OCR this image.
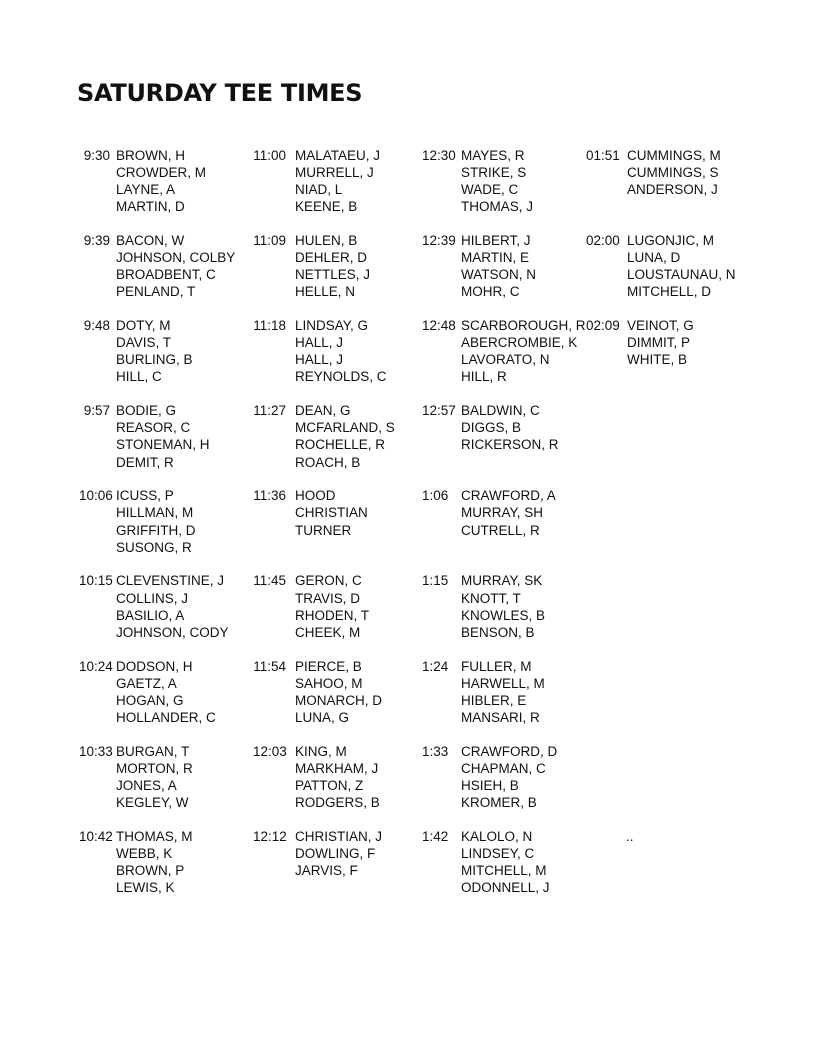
SATURDAY TEE TIMES
9:30 BROWN, H
CROWDER, M
LAYNE, A
MARTIN, D
9:39 BACON, W
JOHNSON, COLBY
BROADBENT, C
PENLAND, T
9:48 DOTY, M
DAVIS, T
BURLING, B
HILL, C
9:57 BODIE, G
REASOR, C
STONEMAN, H
DEMIT, R
10:06 ICUSS, P
HILLMAN, M
GRIFFITH, D
SUSONG, R
10:15 CLEVENSTINE, J
COLLINS, J
BASILIO, A
JOHNSON, CODY
10:24 DODSON, H
GAETZ, A
HOGAN, G
HOLLANDER, C
10:33 BURGAN, T
MORTON, R
JONES, A
KEGLEY, W
10:42 THOMAS, M
WEBB, K
BROWN, P
LEWIS, K
11:00 MALATAEU, J
MURRELL, J
NIAD, L
KEENE, B
11:09 HULEN, B
DEHLER, D
NETTLES, J
HELLE, N
11:18 LINDSAY, G
HALL, J
HALL, J
REYNOLDS, C
11:27 DEAN, G
MCFARLAND, S
ROCHELLE, R
ROACH, B
11:36 HOOD
CHRISTIAN
TURNER
11:45 GERON, C
TRAVIS, D
RHODEN, T
CHEEK, M
11:54 PIERCE, B
SAHOO, M
MONARCH, D
LUNA, G
12:03 KING, M
MARKHAM, J
PATTON, Z
RODGERS, B
12:12 CHRISTIAN, J
DOWLING, F
JARVIS, F
12:30 MAYES, R
STRIKE, S
WADE, C
THOMAS, J
12:39 HILBERT, J
MARTIN, E
WATSON, N
MOHR, C
12:48 SCARBOROUGH, R
ABERCROMBIE, K
LAVORATO, N
HILL, R
12:57 BALDWIN, C
DIGGS, B
RICKERSON, R
1:06 CRAWFORD, A
MURRAY, SH
CUTRELL, R
1:15 MURRAY, SK
KNOTT, T
KNOWLES, B
BENSON, B
1:24 FULLER, M
HARWELL, M
HIBLER, E
MANSARI, R
1:33 CRAWFORD, D
CHAPMAN, C
HSIEH, B
KROMER, B
1:42 KALOLO, N
LINDSEY, C
MITCHELL, M
ODONNELL, J
01:51 CUMMINGS, M
CUMMINGS, S
ANDERSON, J
02:00 LUGONJIC, M
LUNA, D
LOUSTAUNAU, N
MITCHELL, D
02:09 VEINOT, G
DIMMIT, P
WHITE, B
..
